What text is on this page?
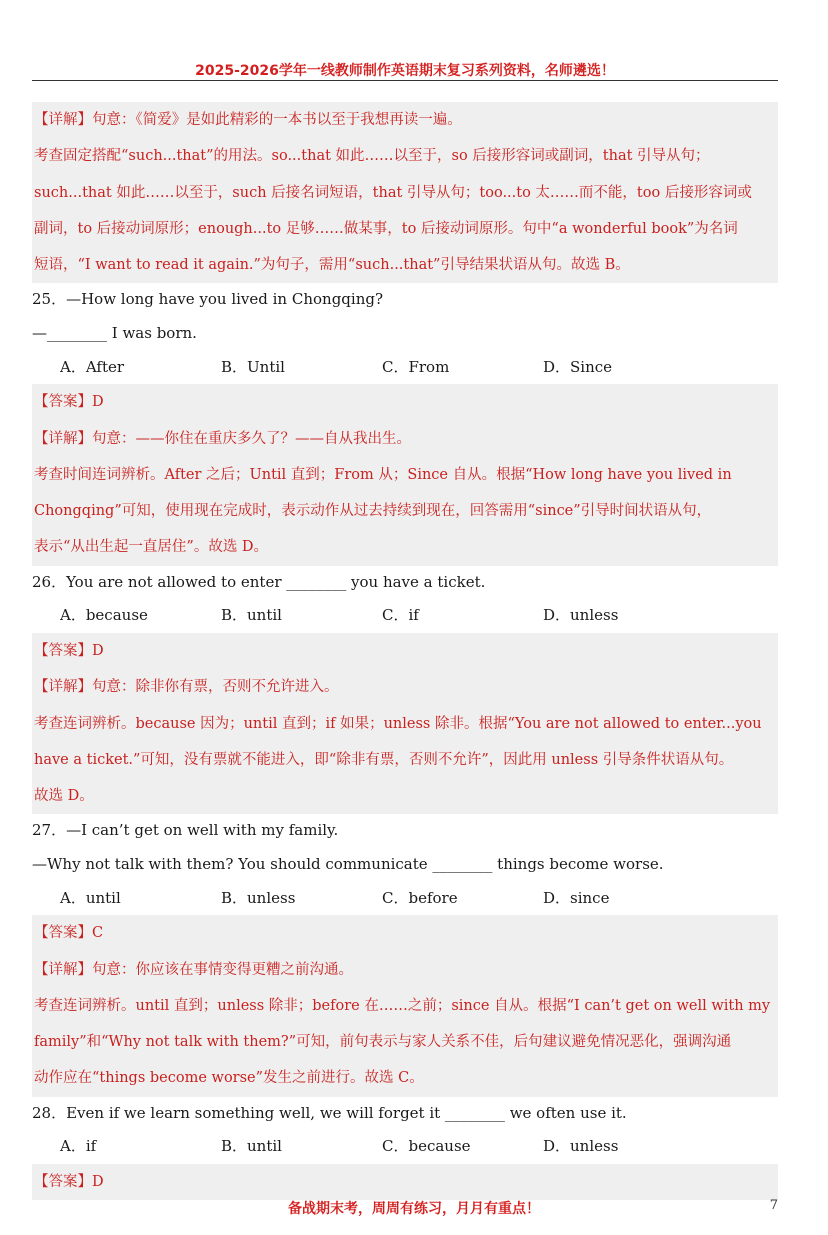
2025-2026学年一线教师制作英语期末复习系列资料，名师遴选！

【详解】句意：《简爱》是如此精彩的一本书以至于我想再读一遍。

考查固定搭配“such...that”的用法。so...that 如此……以至于，so 后接形容词或副词，that 引导从句；

such...that 如此……以至于，such 后接名词短语，that 引导从句；too...to 太……而不能，too 后接形容词或

副词，to 后接动词原形；enough...to 足够……做某事，to 后接动词原形。句中“a wonderful book”为名词

短语，“I want to read it again.”为句子，需用“such...that”引导结果状语从句。故选 B。

25．—How long have you lived in Chongqing?

—________ I was born.

A．After	B．Until	C．From	D．Since

【答案】D

【详解】句意：——你住在重庆多久了？——自从我出生。

考查时间连词辨析。After 之后；Until 直到；From 从；Since 自从。根据“How long have you lived in

Chongqing”可知，使用现在完成时，表示动作从过去持续到现在，回答需用“since”引导时间状语从句，

表示“从出生起一直居住”。故选 D。

26．You are not allowed to enter ________ you have a ticket.

A．because	B．until	C．if	D．unless

【答案】D

【详解】句意：除非你有票，否则不允许进入。

考查连词辨析。because 因为；until 直到；if 如果；unless 除非。根据“You are not allowed to enter...you

have a ticket.”可知，没有票就不能进入，即“除非有票，否则不允许”，因此用 unless 引导条件状语从句。

故选 D。

27．—I can’t get on well with my family.

—Why not talk with them? You should communicate ________ things become worse.

A．until	B．unless	C．before	D．since

【答案】C

【详解】句意：你应该在事情变得更糟之前沟通。

考查连词辨析。until 直到；unless 除非；before 在……之前；since 自从。根据“I can’t get on well with my

family”和“Why not talk with them?”可知，前句表示与家人关系不佳，后句建议避免情况恶化，强调沟通

动作应在“things become worse”发生之前进行。故选 C。

28．Even if we learn something well, we will forget it ________ we often use it.

A．if	B．until	C．because	D．unless

【答案】D

备战期末考，周周有练习，月月有重点！	7
